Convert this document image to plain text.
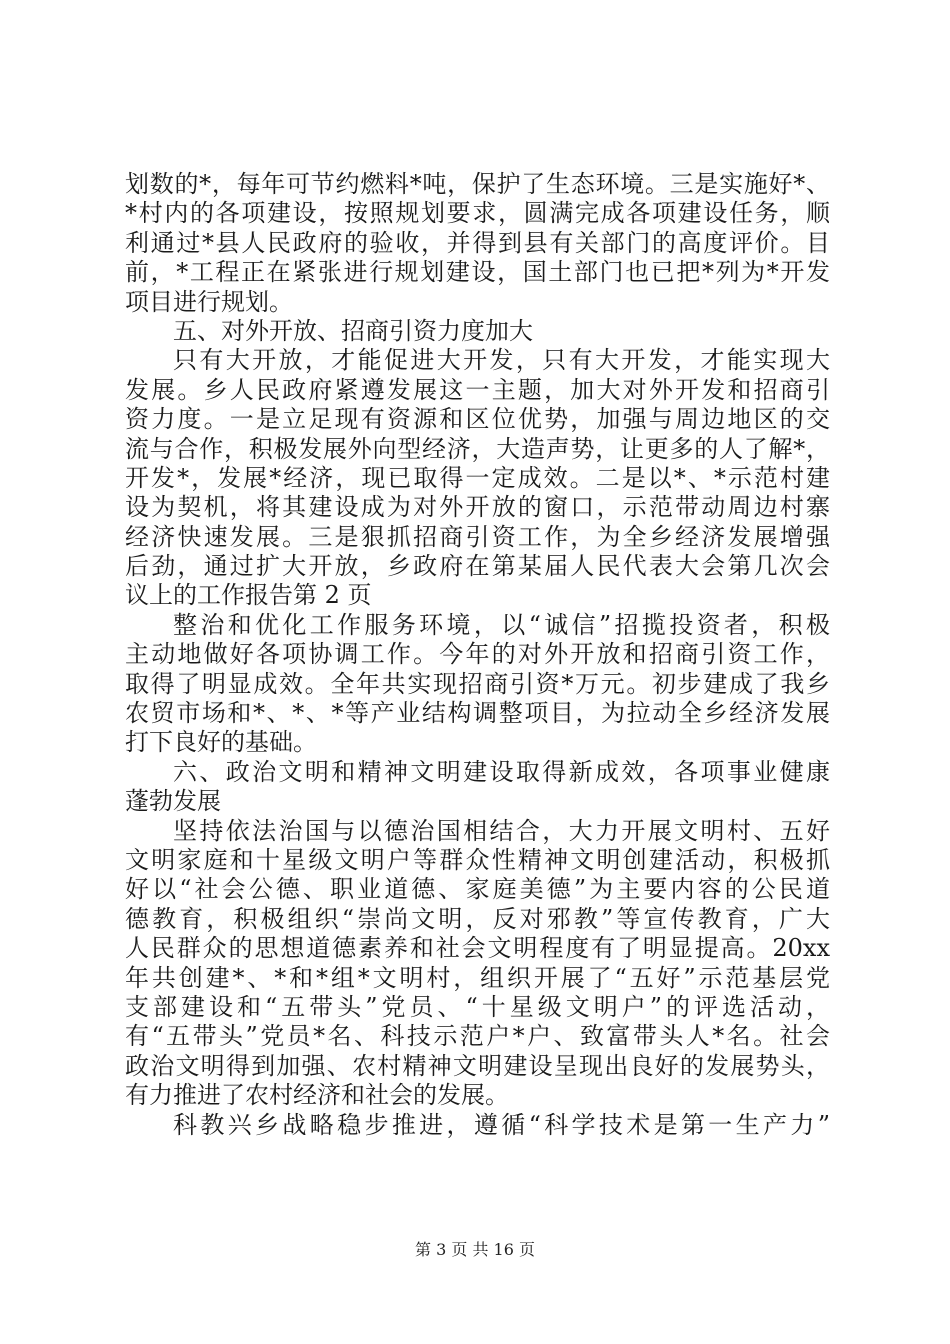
划数的*，每年可节约燃料*吨，保护了生态环境。三是实施好*、
*村内的各项建设，按照规划要求，圆满完成各项建设任务，顺
利通过*县人民政府的验收，并得到县有关部门的高度评价。目
前，*工程正在紧张进行规划建设，国土部门也已把*列为*开发
项目进行规划。
五、对外开放、招商引资力度加大
只有大开放，才能促进大开发，只有大开发，才能实现大
发展。乡人民政府紧遵发展这一主题，加大对外开发和招商引
资力度。一是立足现有资源和区位优势，加强与周边地区的交
流与合作，积极发展外向型经济，大造声势，让更多的人了解*，
开发*，发展*经济，现已取得一定成效。二是以*、*示范村建
设为契机，将其建设成为对外开放的窗口，示范带动周边村寨
经济快速发展。三是狠抓招商引资工作，为全乡经济发展增强
后劲，通过扩大开放，乡政府在第某届人民代表大会第几次会
议上的工作报告第 2 页
整治和优化工作服务环境，以“诚信”招揽投资者，积极
主动地做好各项协调工作。今年的对外开放和招商引资工作，
取得了明显成效。全年共实现招商引资*万元。初步建成了我乡
农贸市场和*、*、*等产业结构调整项目，为拉动全乡经济发展
打下良好的基础。
六、政治文明和精神文明建设取得新成效，各项事业健康
蓬勃发展
坚持依法治国与以德治国相结合，大力开展文明村、五好
文明家庭和十星级文明户等群众性精神文明创建活动，积极抓
好以“社会公德、职业道德、家庭美德”为主要内容的公民道
德教育，积极组织“崇尚文明，反对邪教”等宣传教育，广大
人民群众的思想道德素养和社会文明程度有了明显提高。20xx
年共创建*、*和*组*文明村，组织开展了“五好”示范基层党
支部建设和“五带头”党员、“十星级文明户”的评选活动，
有“五带头”党员*名、科技示范户*户、致富带头人*名。社会
政治文明得到加强、农村精神文明建设呈现出良好的发展势头，
有力推进了农村经济和社会的发展。
科教兴乡战略稳步推进，遵循“科学技术是第一生产力”
第 3 页 共 16 页
